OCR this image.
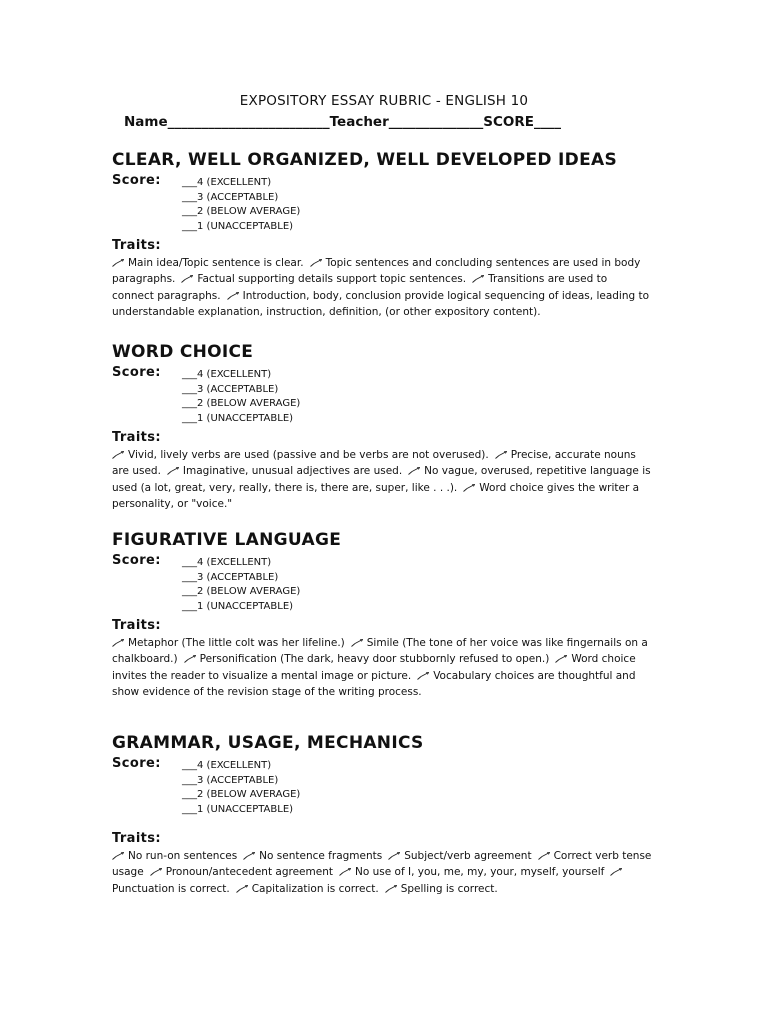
EXPOSITORY ESSAY RUBRIC - ENGLISH 10
Name________________________Teacher______________SCORE____
CLEAR, WELL ORGANIZED, WELL DEVELOPED IDEAS
Score: ___4 (EXCELLENT)
___3 (ACCEPTABLE)
___2 (BELOW AVERAGE)
___1 (UNACCEPTABLE)
Traits:
Main idea/Topic sentence is clear. Topic sentences and concluding sentences are used in body paragraphs. Factual supporting details support topic sentences. Transitions are used to connect paragraphs. Introduction, body, conclusion provide logical sequencing of ideas, leading to understandable explanation, instruction, definition, (or other expository content).
WORD CHOICE
Score: ___4 (EXCELLENT)
___3 (ACCEPTABLE)
___2 (BELOW AVERAGE)
___1 (UNACCEPTABLE)
Traits:
Vivid, lively verbs are used (passive and be verbs are not overused). Precise, accurate nouns are used. Imaginative, unusual adjectives are used. No vague, overused, repetitive language is used (a lot, great, very, really, there is, there are, super, like . . .). Word choice gives the writer a personality, or "voice."
FIGURATIVE LANGUAGE
Score: ___4 (EXCELLENT)
___3 (ACCEPTABLE)
___2 (BELOW AVERAGE)
___1 (UNACCEPTABLE)
Traits:
Metaphor (The little colt was her lifeline.) Simile (The tone of her voice was like fingernails on a chalkboard.) Personification (The dark, heavy door stubbornly refused to open.) Word choice invites the reader to visualize a mental image or picture. Vocabulary choices are thoughtful and show evidence of the revision stage of the writing process.
GRAMMAR, USAGE, MECHANICS
Score: ___4 (EXCELLENT)
___3 (ACCEPTABLE)
___2 (BELOW AVERAGE)
___1 (UNACCEPTABLE)
Traits:
No run-on sentences No sentence fragments Subject/verb agreement Correct verb tense usage Pronoun/antecedent agreement No use of I, you, me, my, your, myself, yourself
Punctuation is correct. Capitalization is correct. Spelling is correct.
